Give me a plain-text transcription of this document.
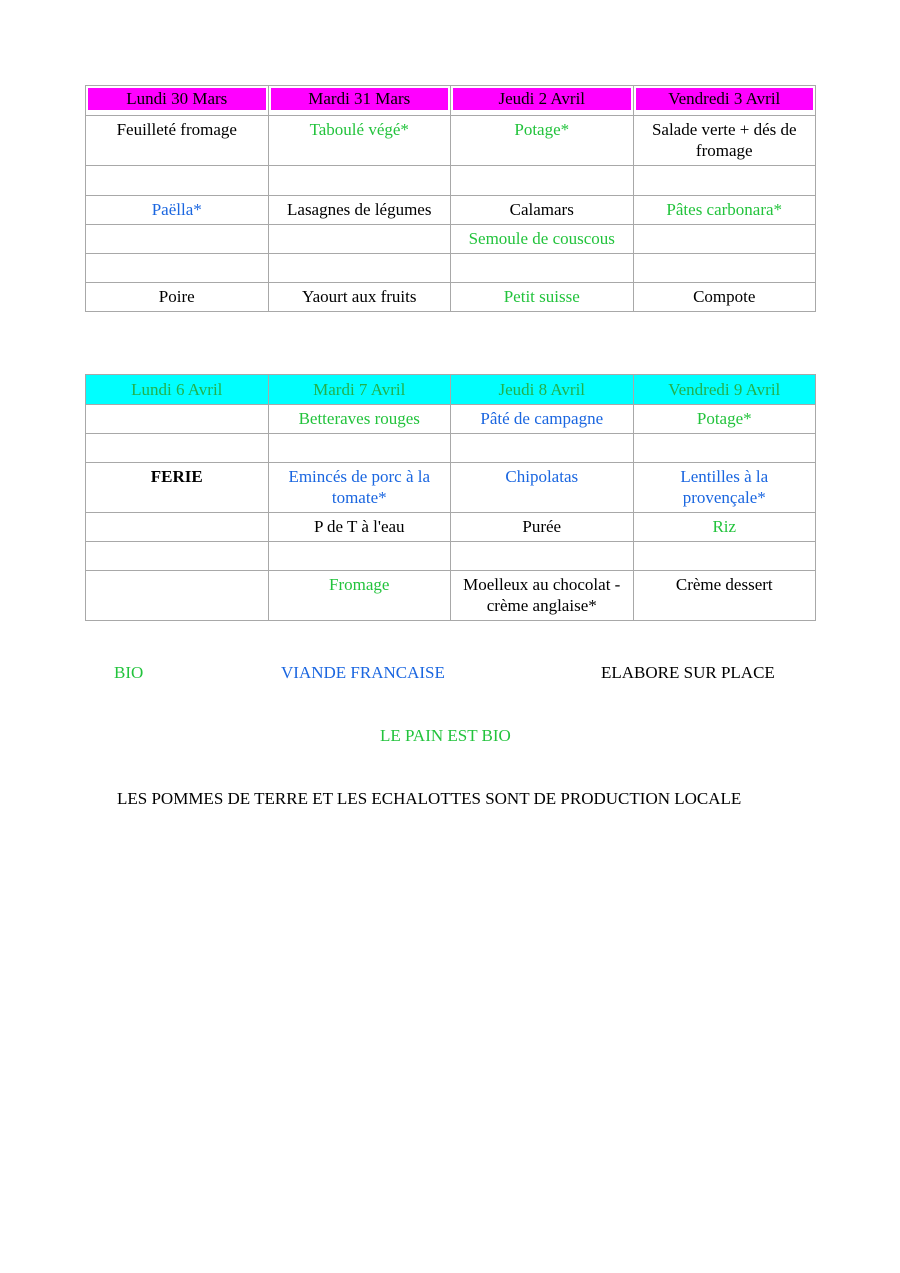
Lundi 30 Mars	Mardi 31 Mars	Jeudi 2 Avril	Vendredi 3 Avril

Feuilleté fromage	Taboulé végé*	Potage*	Salade verte + dés de fromage

Paëlla*	Lasagnes de légumes	Calamars	Pâtes carbonara*
		Semoule de couscous	

Poire	Yaourt aux fruits	Petit suisse	Compote
Lundi 6 Avril	Mardi 7 Avril	Jeudi 8 Avril	Vendredi 9 Avril
	Betteraves rouges	Pâté de campagne	Potage*

FERIE	Emincés de porc à la tomate*	Chipolatas	Lentilles à la provençale*
	P de T à l'eau	Purée	Riz

	Fromage	Moelleux au chocolat - crème anglaise*	Crème dessert
BIO	VIANDE FRANCAISE	ELABORE SUR PLACE
LE PAIN EST BIO
LES POMMES DE TERRE ET LES ECHALOTTES SONT DE PRODUCTION LOCALE
